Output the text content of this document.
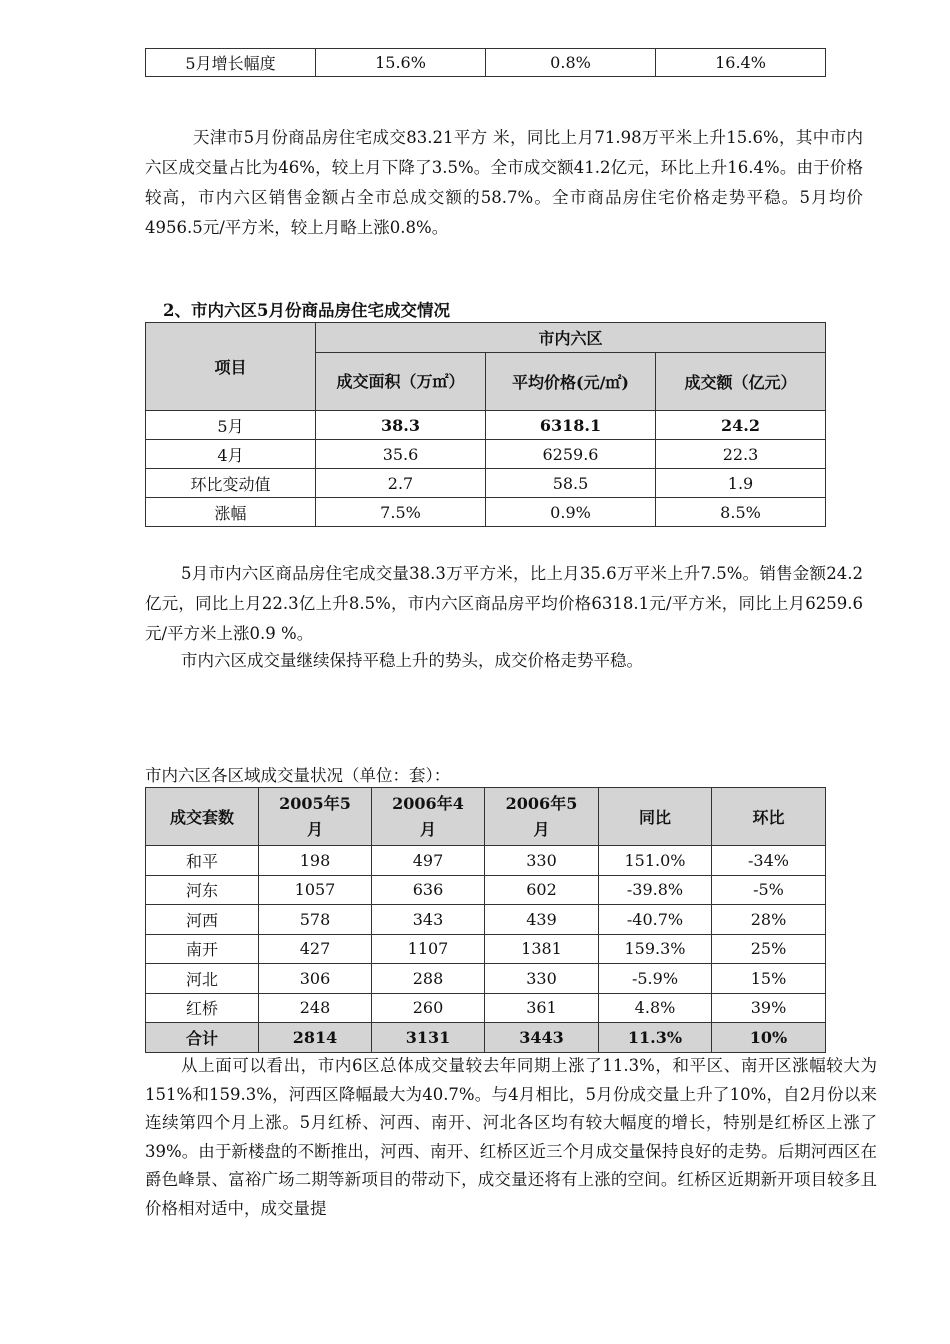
5月增长幅度	15.6%	0.8%	16.4%

天津市5月份商品房住宅成交83.21平方 米，同比上月71.98万平米上升15.6%，其中市内六区成交量占比为46%，较上月下降了3.5%。全市成交额41.2亿元，环比上升16.4%。由于价格较高，市内六区销售金额占全市总成交额的58.7%。全市商品房住宅价格走势平稳。5月均价4956.5元/平方米，较上月略上涨0.8%。

2、市内六区5月份商品房住宅成交情况
项目	市内六区		
	成交面积（万㎡）	平均价格(元/㎡)	成交额（亿元）
5月	38.3	6318.1	24.2
4月	35.6	6259.6	22.3
环比变动值	2.7	58.5	1.9
涨幅	7.5%	0.9%	8.5%

5月市内六区商品房住宅成交量38.3万平方米，比上月35.6万平米上升7.5%。销售金额24.2亿元，同比上月22.3亿上升8.5%，市内六区商品房平均价格6318.1元/平方米，同比上月6259.6元/平方米上涨0.9 %。

市内六区成交量继续保持平稳上升的势头，成交价格走势平稳。

市内六区各区域成交量状况（单位：套）：
成交套数	2005年5月	2006年4月	2006年5月	同比	环比
和平	198	497	330	151.0%	-34%
河东	1057	636	602	-39.8%	-5%
河西	578	343	439	-40.7%	28%
南开	427	1107	1381	159.3%	25%
河北	306	288	330	-5.9%	15%
红桥	248	260	361	4.8%	39%
合计	2814	3131	3443	11.3%	10%

从上面可以看出，市内6区总体成交量较去年同期上涨了11.3%，和平区、南开区涨幅较大为151%和159.3%，河西区降幅最大为40.7%。与4月相比，5月份成交量上升了10%，自2月份以来连续第四个月上涨。5月红桥、河西、南开、河北各区均有较大幅度的增长，特别是红桥区上涨了39%。由于新楼盘的不断推出，河西、南开、红桥区近三个月成交量保持良好的走势。后期河西区在爵色峰景、富裕广场二期等新项目的带动下，成交量还将有上涨的空间。红桥区近期新开项目较多且价格相对适中，成交量提
